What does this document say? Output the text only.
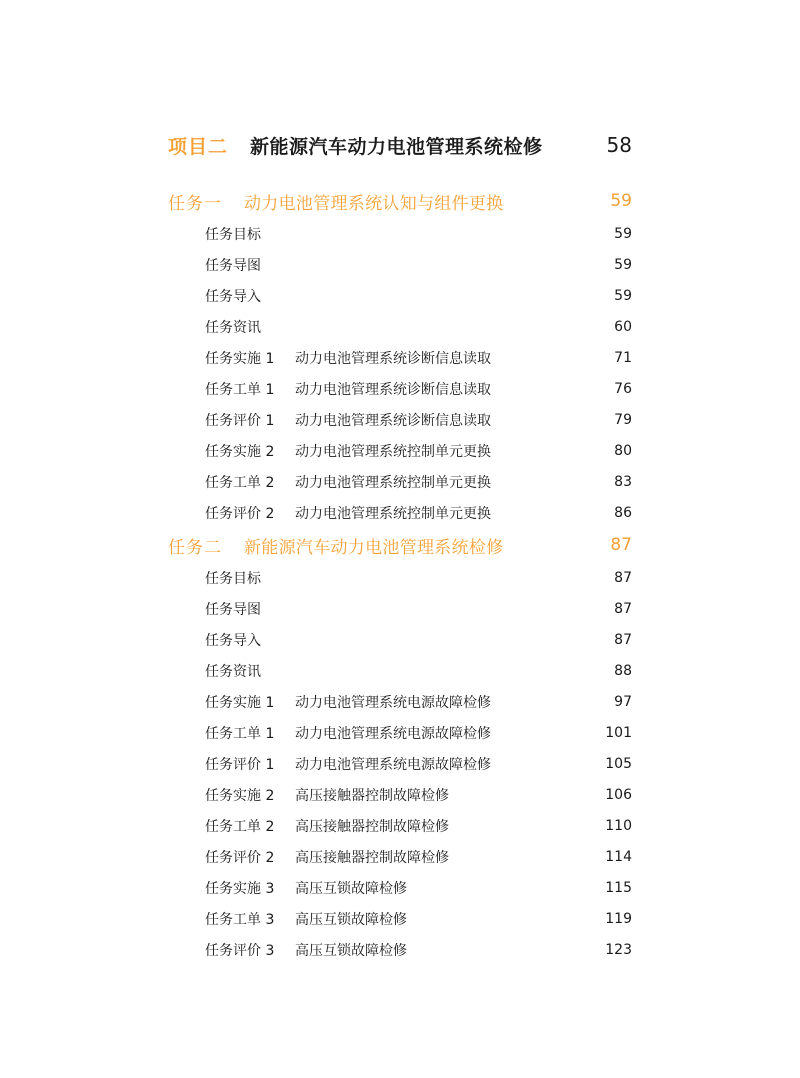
项目二 新能源汽车动力电池管理系统检修	58
任务一 动力电池管理系统认知与组件更换	59
任务目标	59
任务导图	59
任务导入	59
任务资讯	60
任务实施 1	动力电池管理系统诊断信息读取	71
任务工单 1	动力电池管理系统诊断信息读取	76
任务评价 1	动力电池管理系统诊断信息读取	79
任务实施 2	动力电池管理系统控制单元更换	80
任务工单 2	动力电池管理系统控制单元更换	83
任务评价 2	动力电池管理系统控制单元更换	86
任务二 新能源汽车动力电池管理系统检修	87
任务目标	87
任务导图	87
任务导入	87
任务资讯	88
任务实施 1	动力电池管理系统电源故障检修	97
任务工单 1	动力电池管理系统电源故障检修	101
任务评价 1	动力电池管理系统电源故障检修	105
任务实施 2	高压接触器控制故障检修	106
任务工单 2	高压接触器控制故障检修	110
任务评价 2	高压接触器控制故障检修	114
任务实施 3	高压互锁故障检修	115
任务工单 3	高压互锁故障检修	119
任务评价 3	高压互锁故障检修	123
